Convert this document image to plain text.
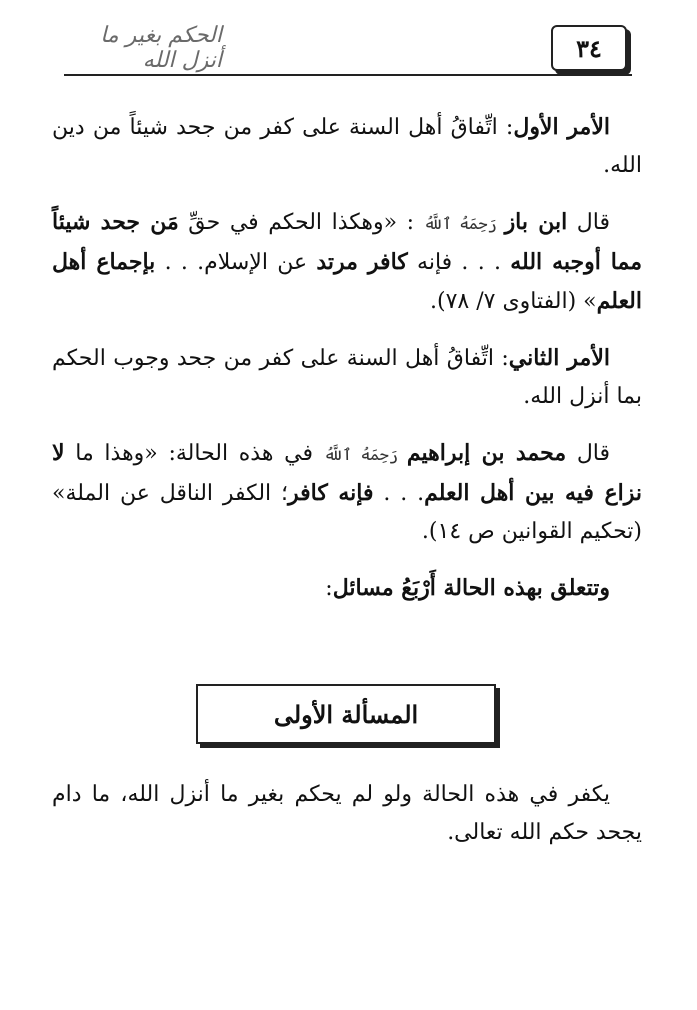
٣٤
الحكم بغير ما أنزل الله

الأمر الأول: اتِّفاقُ أهل السنة على كفر من جحد شيئاً من دين الله.

قال ابن باز رَحِمَهُ ٱللَّهُ : «وهكذا الحكم في حقِّ مَن جحد شيئاً مما أوجبه الله . . . فإنه كافر مرتد عن الإسلام. . . بإجماع أهل العلم» (الفتاوى ٧/ ٧٨).

الأمر الثاني: اتِّفاقُ أهل السنة على كفر من جحد وجوب الحكم بما أنزل الله.

قال محمد بن إبراهيم رَحِمَهُ ٱللَّهُ في هذه الحالة: «وهذا ما لا نزاع فيه بين أهل العلم. . . فإنه كافر؛ الكفر الناقل عن الملة» (تحكيم القوانين ص ١٤).

وتتعلق بهذه الحالة أَرْبَعُ مسائل:

المسألة الأولى

يكفر في هذه الحالة ولو لم يحكم بغير ما أنزل الله، ما دام يجحد حكم الله تعالى.
